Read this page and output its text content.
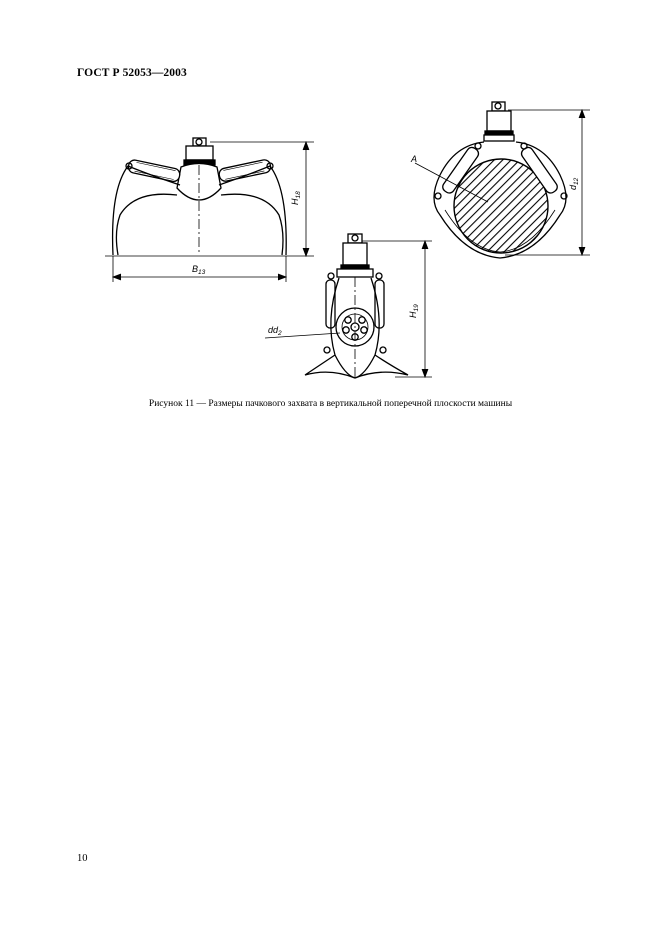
ГОСТ Р 52053—2003
$H_{18}$
$B_{13}$
$H_{19}$
$dd_2$
$d_{12}$
A
Рисунок 11 — Размеры пачкового захвата в вертикальной поперечной плоскости машины
10
